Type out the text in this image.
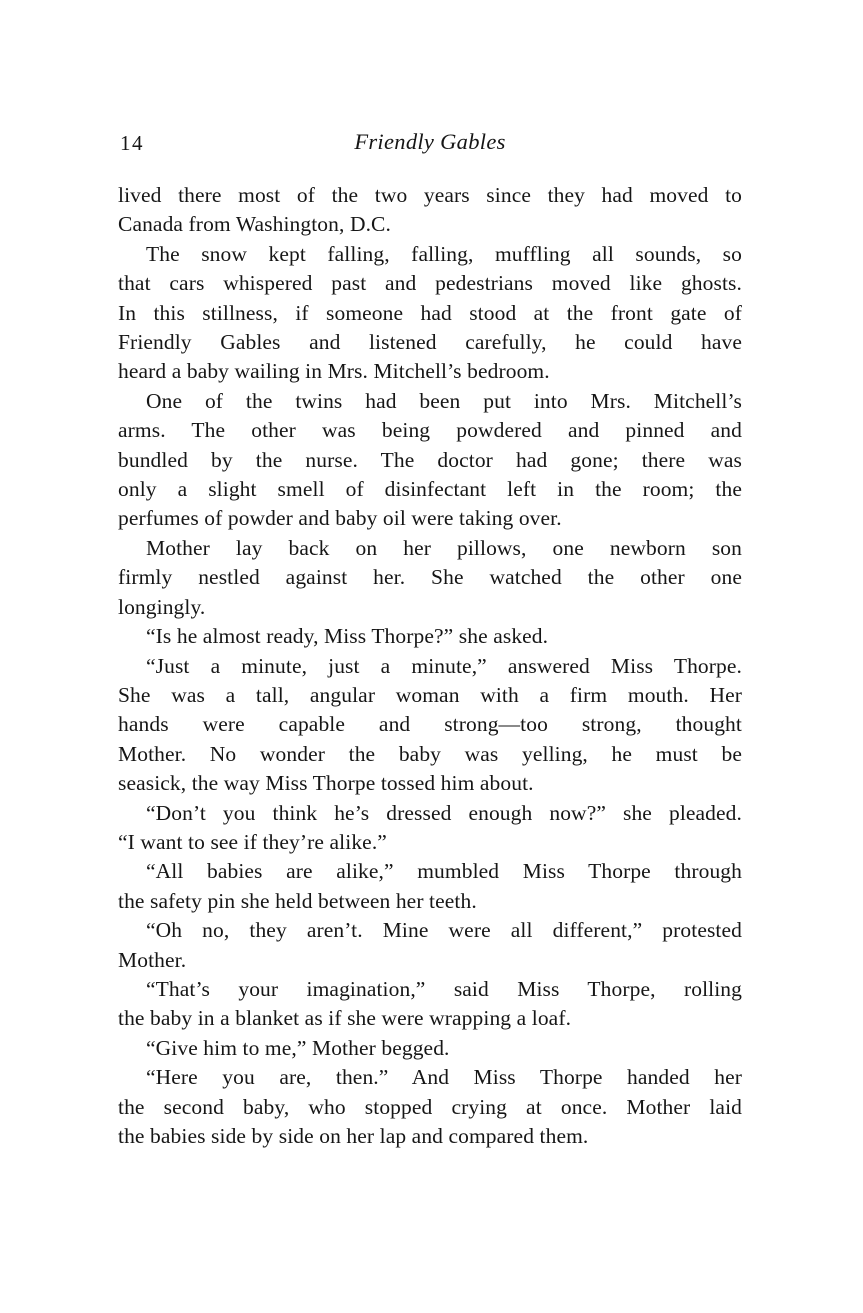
14	Friendly Gables
lived there most of the two years since they had moved to
Canada from Washington, D.C.
The snow kept falling, falling, muffling all sounds, so
that cars whispered past and pedestrians moved like ghosts.
In this stillness, if someone had stood at the front gate of
Friendly Gables and listened carefully, he could have
heard a baby wailing in Mrs. Mitchell’s bedroom.
One of the twins had been put into Mrs. Mitchell’s
arms. The other was being powdered and pinned and
bundled by the nurse. The doctor had gone; there was
only a slight smell of disinfectant left in the room; the
perfumes of powder and baby oil were taking over.
Mother lay back on her pillows, one newborn son
firmly nestled against her. She watched the other one
longingly.
“Is he almost ready, Miss Thorpe?” she asked.
“Just a minute, just a minute,” answered Miss Thorpe.
She was a tall, angular woman with a firm mouth. Her
hands were capable and strong—too strong, thought
Mother. No wonder the baby was yelling, he must be
seasick, the way Miss Thorpe tossed him about.
“Don’t you think he’s dressed enough now?” she pleaded.
“I want to see if they’re alike.”
“All babies are alike,” mumbled Miss Thorpe through
the safety pin she held between her teeth.
“Oh no, they aren’t. Mine were all different,” protested
Mother.
“That’s your imagination,” said Miss Thorpe, rolling
the baby in a blanket as if she were wrapping a loaf.
“Give him to me,” Mother begged.
“Here you are, then.” And Miss Thorpe handed her
the second baby, who stopped crying at once. Mother laid
the babies side by side on her lap and compared them.
